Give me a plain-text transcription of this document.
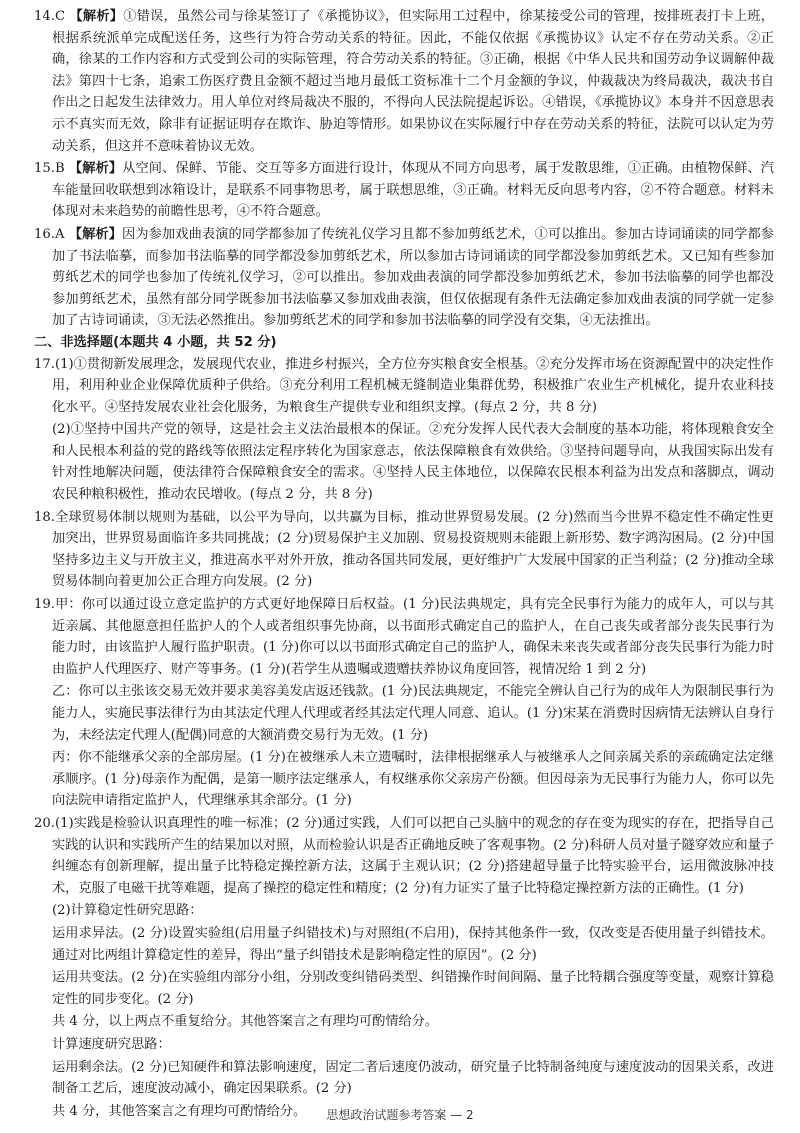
14.C 【解析】①错误，虽然公司与徐某签订了《承揽协议》，但实际用工过程中，徐某接受公司的管理，按排班表打卡上班，根据系统派单完成配送任务，这些行为符合劳动关系的特征。因此，不能仅依据《承揽协议》认定不存在劳动关系。②正确，徐某的工作内容和方式受到公司的实际管理，符合劳动关系的特征。③正确，根据《中华人民共和国劳动争议调解仲裁法》第四十七条，追索工伤医疗费且金额不超过当地月最低工资标准十二个月金额的争议，仲裁裁决为终局裁决，裁决书自作出之日起发生法律效力。用人单位对终局裁决不服的，不得向人民法院提起诉讼。④错误，《承揽协议》本身并不因意思表示不真实而无效，除非有证据证明存在欺诈、胁迫等情形。如果协议在实际履行中存在劳动关系的特征，法院可以认定为劳动关系，但这并不意味着协议无效。
15.B 【解析】从空间、保鲜、节能、交互等多方面进行设计，体现从不同方向思考，属于发散思维，①正确。由植物保鲜、汽车能量回收联想到冰箱设计，是联系不同事物思考，属于联想思维，③正确。材料无反向思考内容，②不符合题意。材料未体现对未来趋势的前瞻性思考，④不符合题意。
16.A 【解析】因为参加戏曲表演的同学都参加了传统礼仪学习且都不参加剪纸艺术，①可以推出。参加古诗词诵读的同学都参加了书法临摹，而参加书法临摹的同学都没参加剪纸艺术，所以参加古诗词诵读的同学都没参加剪纸艺术。又已知有些参加剪纸艺术的同学也参加了传统礼仪学习，②可以推出。参加戏曲表演的同学都没参加剪纸艺术，参加书法临摹的同学也都没参加剪纸艺术，虽然有部分同学既参加书法临摹又参加戏曲表演，但仅依据现有条件无法确定参加戏曲表演的同学就一定参加了古诗词诵读，③无法必然推出。参加剪纸艺术的同学和参加书法临摹的同学没有交集，④无法推出。
二、非选择题(本题共 4 小题，共 52 分)
17.(1)①贯彻新发展理念，发展现代农业，推进乡村振兴，全方位夯实粮食安全根基。②充分发挥市场在资源配置中的决定性作用，利用种业企业保障优质种子供给。③充分利用工程机械无缝制造业集群优势，积极推广农业生产机械化，提升农业科技化水平。④坚持发展农业社会化服务，为粮食生产提供专业和组织支撑。(每点 2 分，共 8 分)
(2)①坚持中国共产党的领导，这是社会主义法治最根本的保证。②充分发挥人民代表大会制度的基本功能，将体现粮食安全和人民根本利益的党的路线等依照法定程序转化为国家意志，依法保障粮食有效供给。③坚持问题导向，从我国实际出发有针对性地解决问题，使法律符合保障粮食安全的需求。④坚持人民主体地位，以保障农民根本利益为出发点和落脚点，调动农民种粮积极性，推动农民增收。(每点 2 分，共 8 分)
18.全球贸易体制以规则为基础，以公平为导向，以共赢为目标，推动世界贸易发展。(2 分)然而当今世界不稳定性不确定性更加突出，世界贸易面临许多共同挑战；(2 分)贸易保护主义加剧、贸易投资规则未能跟上新形势、数字鸿沟困局。(2 分)中国坚持多边主义与开放主义，推进高水平对外开放，推动各国共同发展，更好维护广大发展中国家的正当利益；(2 分)推动全球贸易体制向着更加公正合理方向发展。(2 分)
19.甲：你可以通过设立意定监护的方式更好地保障日后权益。(1 分)民法典规定，具有完全民事行为能力的成年人，可以与其近亲属、其他愿意担任监护人的个人或者组织事先协商，以书面形式确定自己的监护人，在自己丧失或者部分丧失民事行为能力时，由该监护人履行监护职责。(1 分)你可以以书面形式确定自己的监护人，确保未来丧失或者部分丧失民事行为能力时由监护人代理医疗、财产等事务。(1 分)(若学生从遗嘱或遗赠扶养协议角度回答，视情况给 1 到 2 分)
乙：你可以主张该交易无效并要求美容美发店返还钱款。(1 分)民法典规定，不能完全辨认自己行为的成年人为限制民事行为能力人，实施民事法律行为由其法定代理人代理或者经其法定代理人同意、追认。(1 分)宋某在消费时因病情无法辨认自身行为，未经法定代理人(配偶)同意的大额消费交易行为无效。(1 分)
丙：你不能继承父亲的全部房屋。(1 分)在被继承人未立遗嘱时，法律根据继承人与被继承人之间亲属关系的亲疏确定法定继承顺序。(1 分)母亲作为配偶，是第一顺序法定继承人，有权继承你父亲房产份额。但因母亲为无民事行为能力人，你可以先向法院申请指定监护人，代理继承其余部分。(1 分)
20.(1)实践是检验认识真理性的唯一标准；(2 分)通过实践，人们可以把自己头脑中的观念的存在变为现实的存在，把指导自己实践的认识和实践所产生的结果加以对照，从而检验认识是否正确地反映了客观事物。(2 分)科研人员对量子隧穿效应和量子纠缠态有创新理解，提出量子比特稳定操控新方法，这属于主观认识；(2 分)搭建超导量子比特实验平台，运用微波脉冲技术，克服了电磁干扰等难题，提高了操控的稳定性和精度；(2 分)有力证实了量子比特稳定操控新方法的正确性。(1 分)
(2)计算稳定性研究思路：
运用求异法。(2 分)设置实验组(启用量子纠错技术)与对照组(不启用)，保持其他条件一致，仅改变是否使用量子纠错技术。通过对比两组计算稳定性的差异，得出“量子纠错技术是影响稳定性的原因”。(2 分)
运用共变法。(2 分)在实验组内部分小组，分别改变纠错码类型、纠错操作时间间隔、量子比特耦合强度等变量，观察计算稳定性的同步变化。(2 分)
共 4 分，以上两点不重复给分。其他答案言之有理均可酌情给分。
计算速度研究思路：
运用剩余法。(2 分)已知硬件和算法影响速度，固定二者后速度仍波动，研究量子比特制备纯度与速度波动的因果关系，改进制备工艺后，速度波动减小，确定因果联系。(2 分)
共 4 分，其他答案言之有理均可酌情给分。	思想政治试题参考答案 — 2
